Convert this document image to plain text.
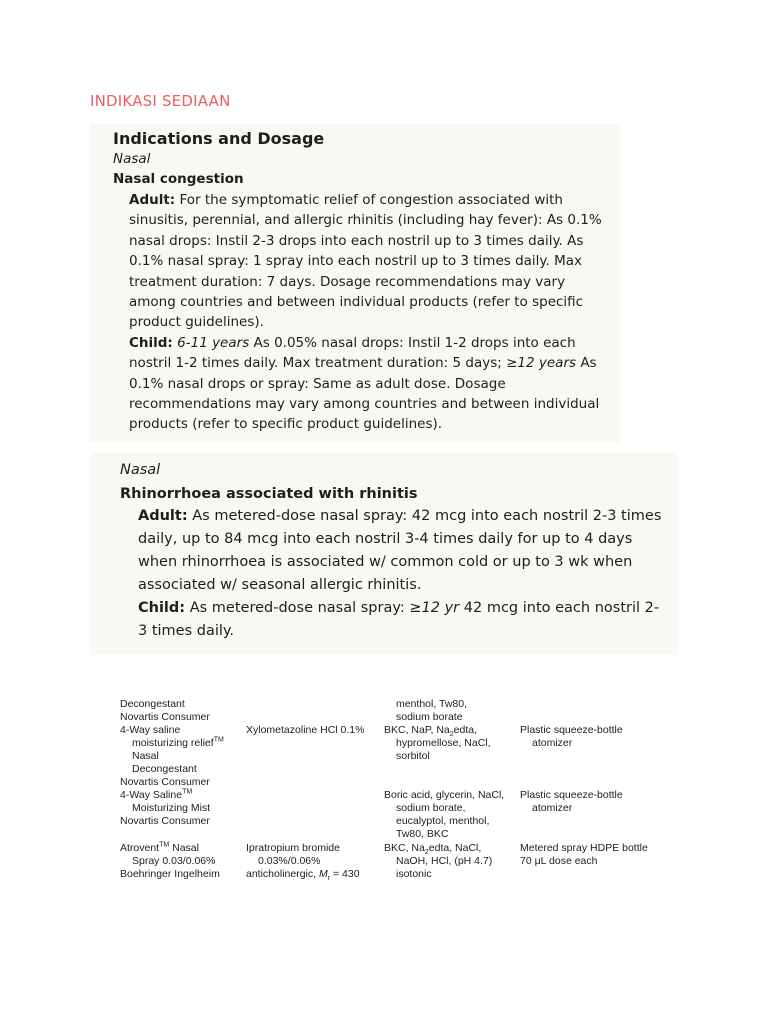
INDIKASI SEDIAAN
Indications and Dosage
Nasal
Nasal congestion
Adult: For the symptomatic relief of congestion associated with sinusitis, perennial, and allergic rhinitis (including hay fever): As 0.1% nasal drops: Instil 2-3 drops into each nostril up to 3 times daily. As 0.1% nasal spray: 1 spray into each nostril up to 3 times daily. Max treatment duration: 7 days. Dosage recommendations may vary among countries and between individual products (refer to specific product guidelines).
Child: 6-11 years As 0.05% nasal drops: Instil 1-2 drops into each nostril 1-2 times daily. Max treatment duration: 5 days; ≥12 years As 0.1% nasal drops or spray: Same as adult dose. Dosage recommendations may vary among countries and between individual products (refer to specific product guidelines).
Nasal
Rhinorrhoea associated with rhinitis
Adult: As metered-dose nasal spray: 42 mcg into each nostril 2-3 times daily, up to 84 mcg into each nostril 3-4 times daily for up to 4 days when rhinorrhoea is associated w/ common cold or up to 3 wk when associated w/ seasonal allergic rhinitis.
Child: As metered-dose nasal spray: ≥12 yr 42 mcg into each nostril 2-3 times daily.
Decongestant
Novartis Consumer
4-Way saline
moisturizing relief™
Nasal
Decongestant
Novartis Consumer
4-Way Saline™
Moisturizing Mist
Novartis Consumer
Atrovent™ Nasal
Spray 0.03/0.06%
Boehringer Ingelheim
Xylometazoline HCl 0.1%
Ipratropium bromide
0.03%/0.06%
anticholinergic, $M_r = 430$
menthol, Tw80,
sodium borate
BKC, NaP, $Na_2edta$,
hypromellose, NaCl,
sorbitol
Boric acid, glycerin, NaCl,
sodium borate,
eucalyptol, menthol,
Tw80, BKC
BKC, $Na_2edta$, NaCl,
NaOH, HCl, (pH 4.7)
isotonic
Plastic squeeze-bottle
atomizer
Plastic squeeze-bottle
atomizer
Metered spray HDPE bottle
70 μL dose each
